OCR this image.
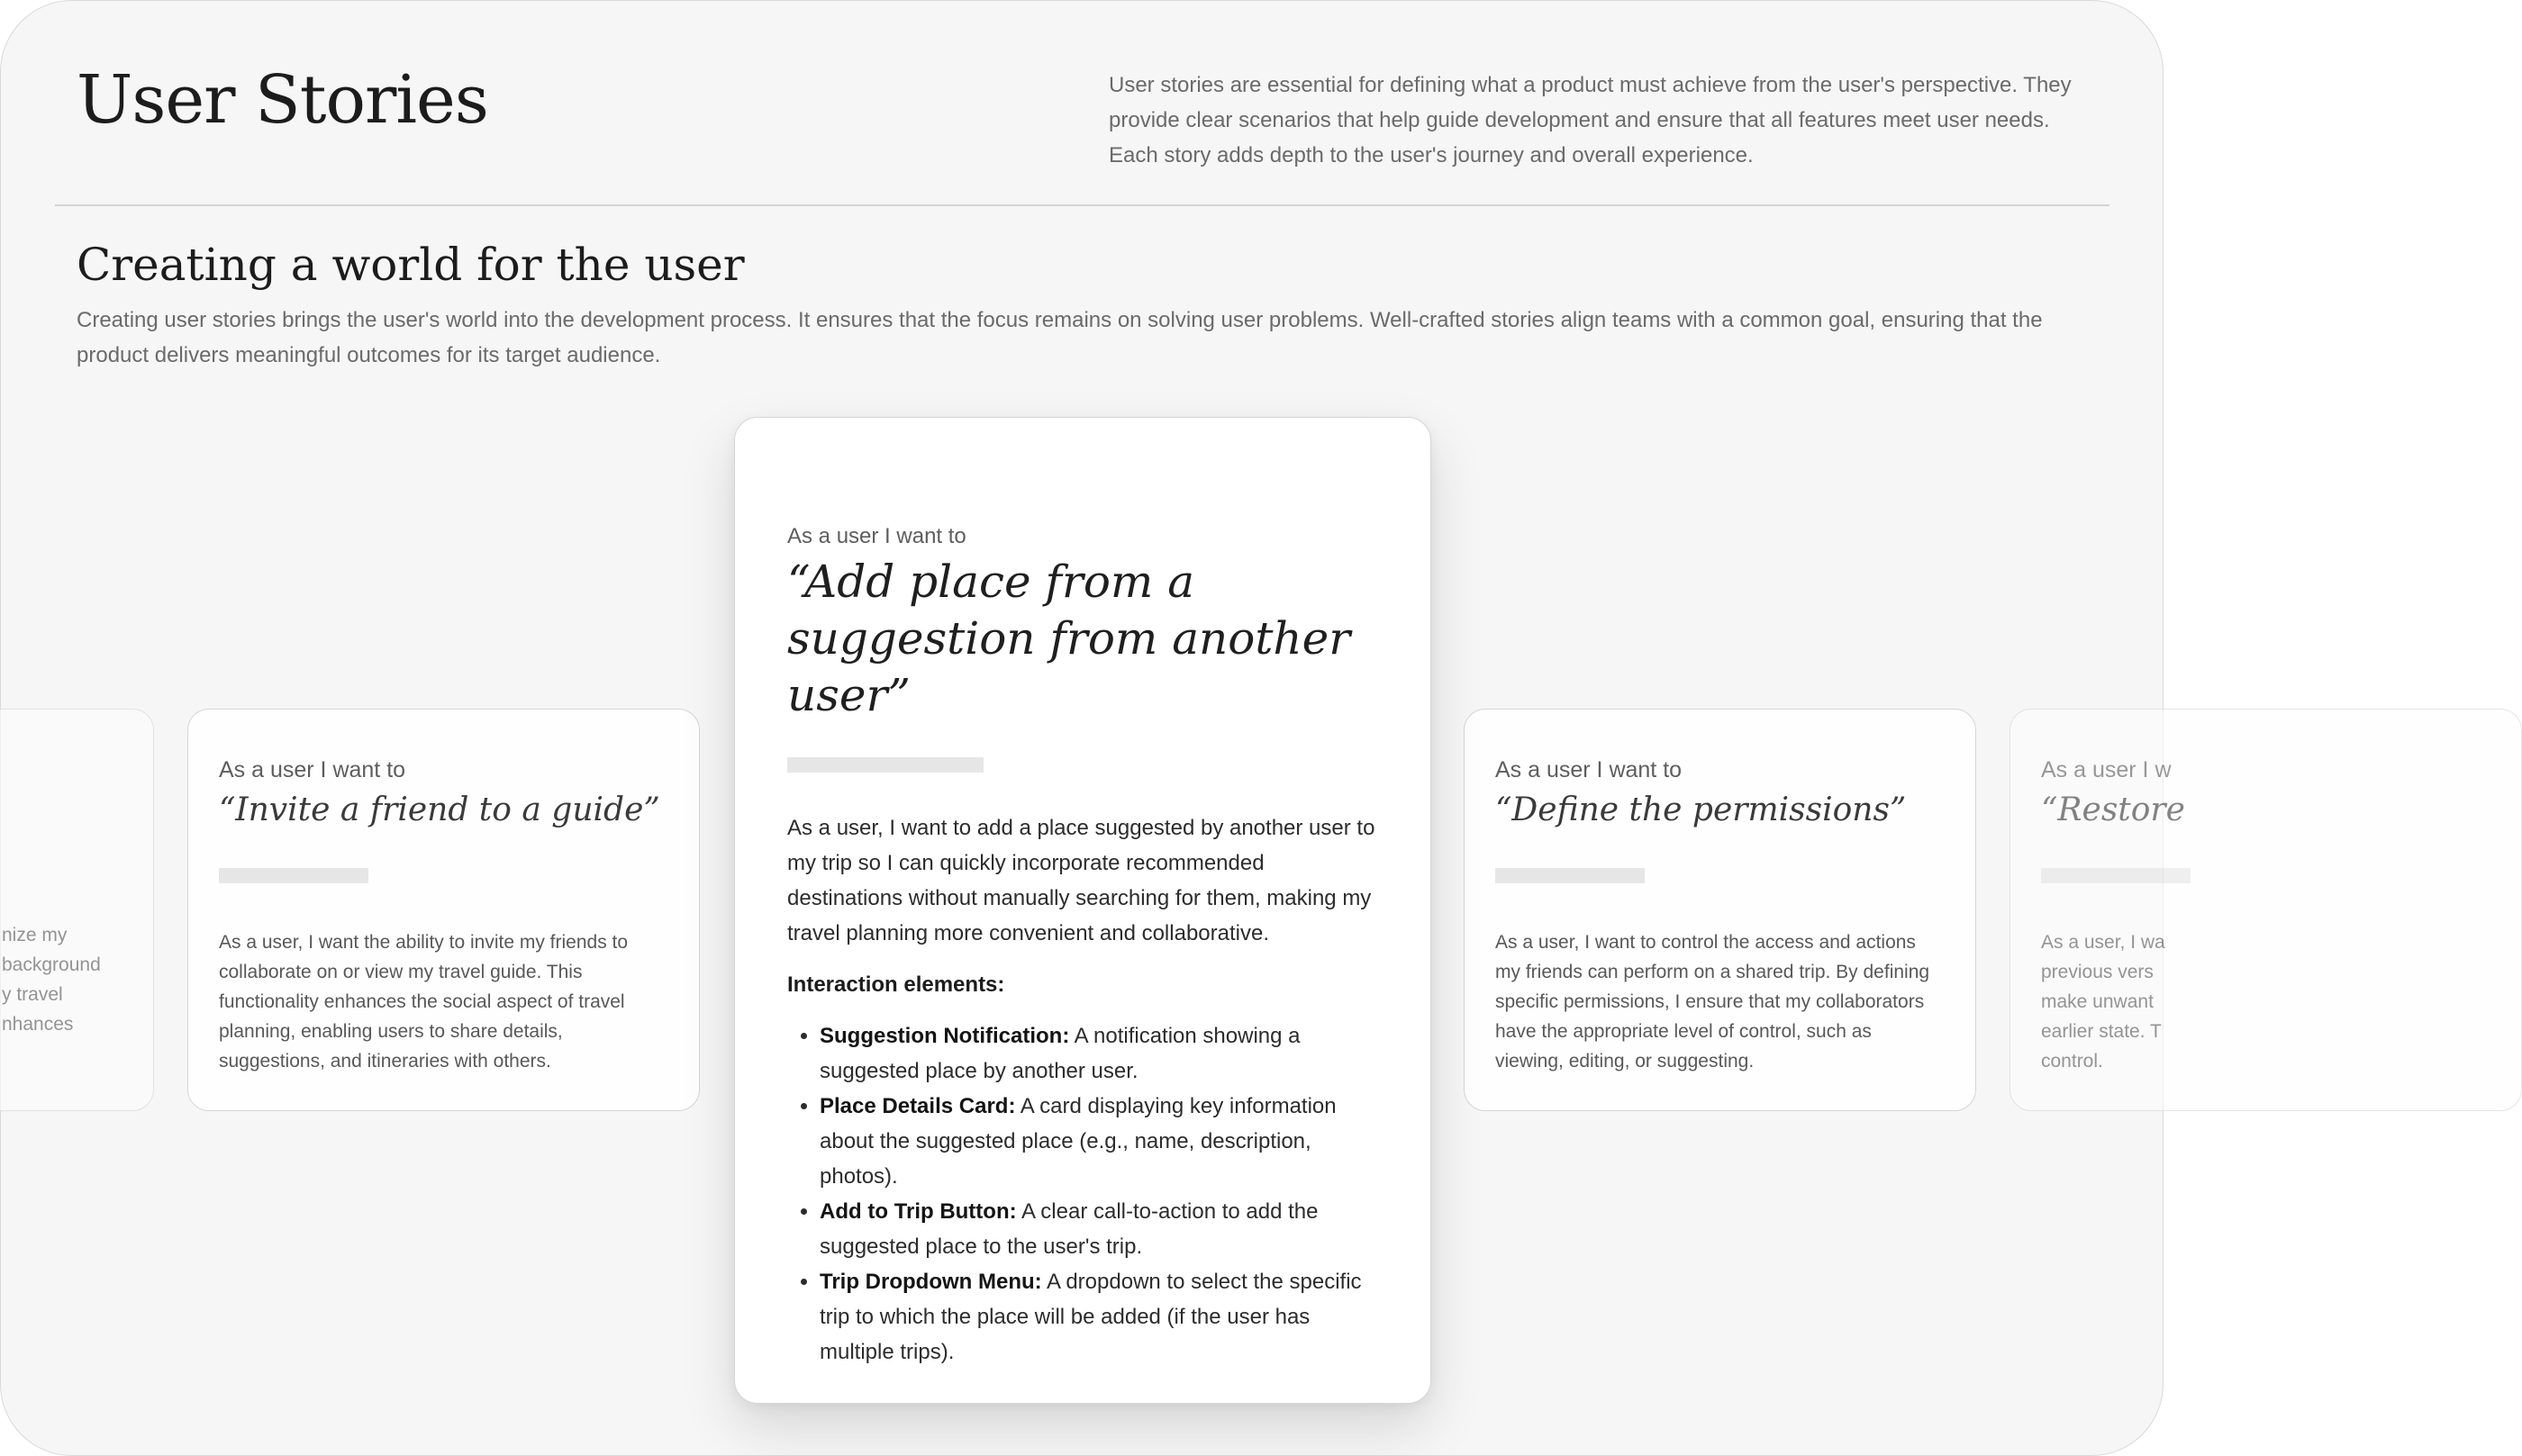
User Stories	User stories are essential for defining what a product must achieve from the user's perspective. They provide clear scenarios that help guide development and ensure that all features meet user needs. Each story adds depth to the user's journey and overall experience.

Creating a world for the user

Creating user stories brings the user's world into the development process. It ensures that the focus remains on solving user problems. Well-crafted stories align teams with a common goal, ensuring that the product delivers meaningful outcomes for its target audience.

nize my
background
y travel
nhances

As a user I want to

“Invite a friend to a guide”

As a user, I want the ability to invite my friends to collaborate on or view my travel guide. This functionality enhances the social aspect of travel planning, enabling users to share details, suggestions, and itineraries with others.

As a user I want to

“Add place from a suggestion from another user”

As a user, I want to add a place suggested by another user to my trip so I can quickly incorporate recommended destinations without manually searching for them, making my travel planning more convenient and collaborative.

Interaction elements:

• Suggestion Notification: A notification showing a suggested place by another user.
• Place Details Card: A card displaying key information about the suggested place (e.g., name, description, photos).
• Add to Trip Button: A clear call-to-action to add the suggested place to the user's trip.
• Trip Dropdown Menu: A dropdown to select the specific trip to which the place will be added (if the user has multiple trips).

As a user I want to

“Define the permissions”

As a user, I want to control the access and actions my friends can perform on a shared trip. By defining specific permissions, I ensure that my collaborators have the appropriate level of control, such as viewing, editing, or suggesting.

As a user I w

“Restore
As a user, I wa
previous vers
make unwant
earlier state. T
control.
